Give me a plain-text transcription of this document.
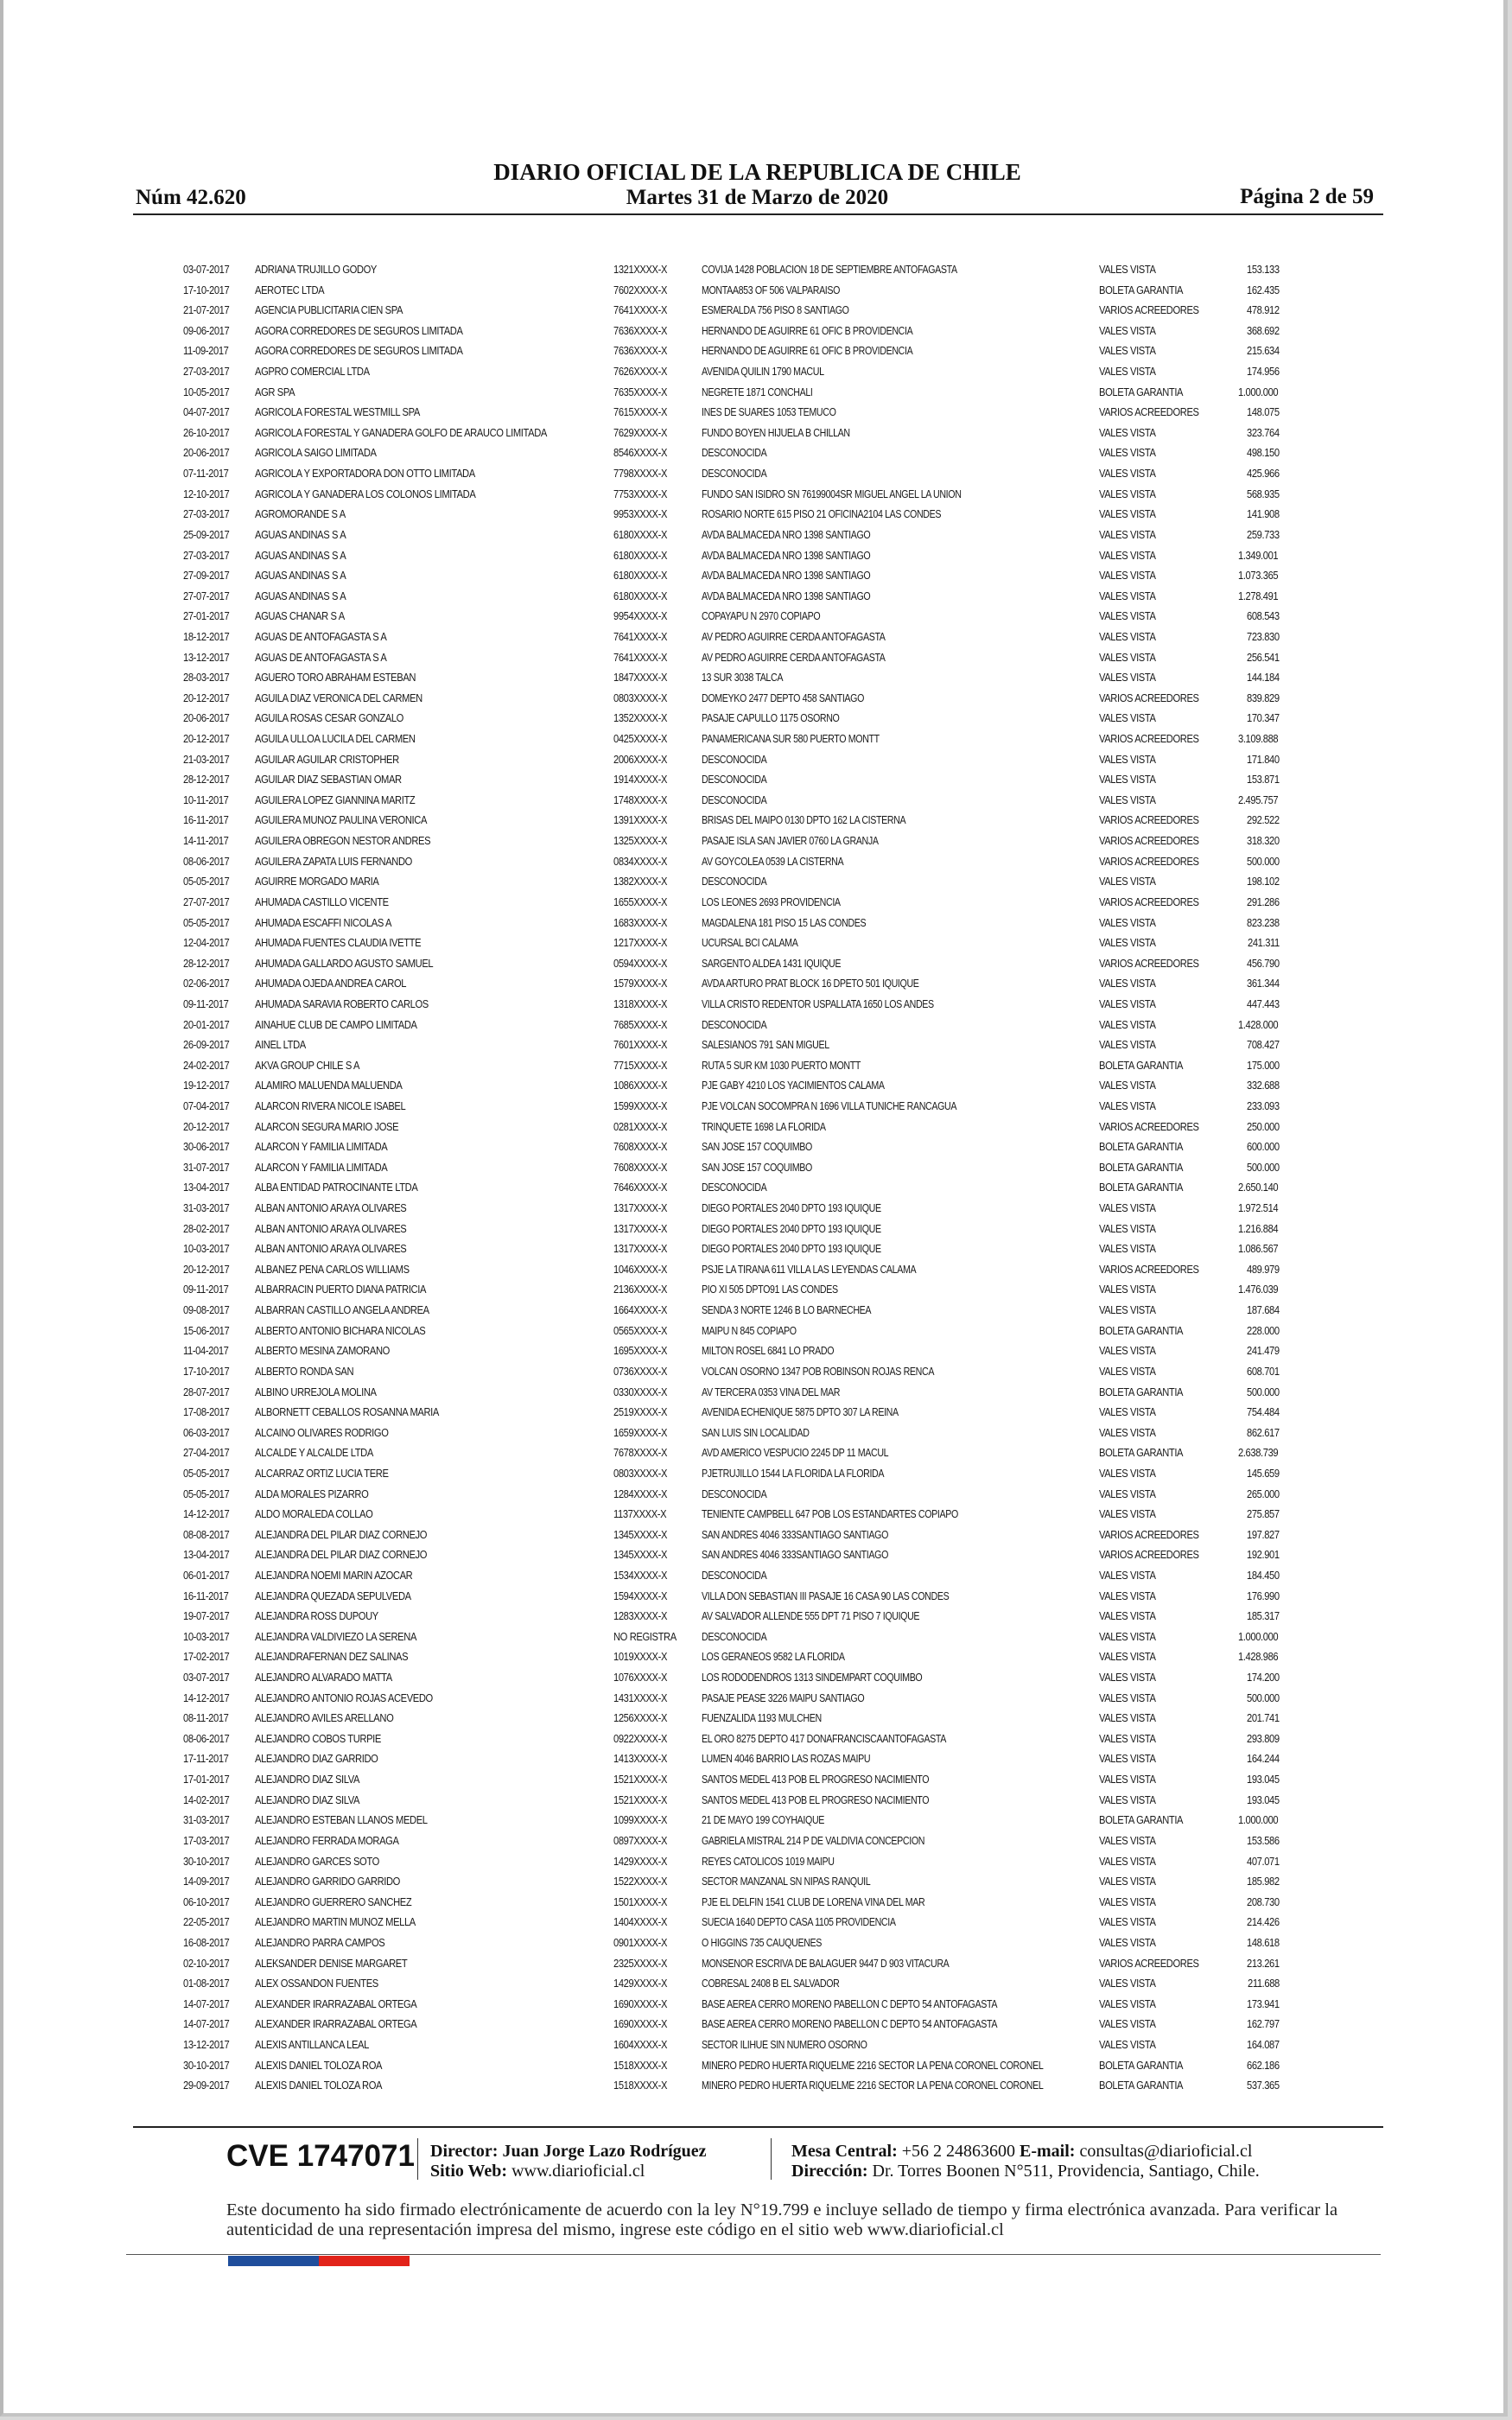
DIARIO OFICIAL DE LA REPUBLICA DE CHILE
Núm 42.620	Martes 31 de Marzo de 2020	Página 2 de 59
03-07-2017 ADRIANA TRUJILLO GODOY	1321XXXX-X	COVIJA 1428 POBLACION 18 DE SEPTIEMBRE ANTOFAGASTA	VALES VISTA	153.133
17-10-2017 AEROTEC LTDA	7602XXXX-X	MONTAA853 OF 506 VALPARAISO	BOLETA GARANTIA	162.435
21-07-2017 AGENCIA PUBLICITARIA CIEN SPA	7641XXXX-X	ESMERALDA 756 PISO 8 SANTIAGO	VARIOS ACREEDORES	478.912
09-06-2017 AGORA CORREDORES DE SEGUROS LIMITADA	7636XXXX-X	HERNANDO DE AGUIRRE 61 OFIC B PROVIDENCIA	VALES VISTA	368.692
11-09-2017 AGORA CORREDORES DE SEGUROS LIMITADA	7636XXXX-X	HERNANDO DE AGUIRRE 61 OFIC B PROVIDENCIA	VALES VISTA	215.634
27-03-2017 AGPRO COMERCIAL LTDA	7626XXXX-X	AVENIDA QUILIN 1790 MACUL	VALES VISTA	174.956
10-05-2017 AGR SPA	7635XXXX-X	NEGRETE 1871 CONCHALI	BOLETA GARANTIA	1.000.000
04-07-2017 AGRICOLA FORESTAL WESTMILL SPA	7615XXXX-X	INES DE SUARES 1053 TEMUCO	VARIOS ACREEDORES	148.075
26-10-2017 AGRICOLA FORESTAL Y GANADERA GOLFO DE ARAUCO LIMITADA	7629XXXX-X	FUNDO BOYEN HIJUELA B CHILLAN	VALES VISTA	323.764
20-06-2017 AGRICOLA SAIGO LIMITADA	8546XXXX-X	DESCONOCIDA	VALES VISTA	498.150
07-11-2017 AGRICOLA Y EXPORTADORA DON OTTO LIMITADA	7798XXXX-X	DESCONOCIDA	VALES VISTA	425.966
12-10-2017 AGRICOLA Y GANADERA LOS COLONOS LIMITADA	7753XXXX-X	FUNDO SAN ISIDRO SN 76199004SR MIGUEL ANGEL LA UNION	VALES VISTA	568.935
27-03-2017 AGROMORANDE S A	9953XXXX-X	ROSARIO NORTE 615 PISO 21 OFICINA2104 LAS CONDES	VALES VISTA	141.908
25-09-2017 AGUAS ANDINAS S A	6180XXXX-X	AVDA BALMACEDA NRO 1398 SANTIAGO	VALES VISTA	259.733
27-03-2017 AGUAS ANDINAS S A	6180XXXX-X	AVDA BALMACEDA NRO 1398 SANTIAGO	VALES VISTA	1.349.001
27-09-2017 AGUAS ANDINAS S A	6180XXXX-X	AVDA BALMACEDA NRO 1398 SANTIAGO	VALES VISTA	1.073.365
27-07-2017 AGUAS ANDINAS S A	6180XXXX-X	AVDA BALMACEDA NRO 1398 SANTIAGO	VALES VISTA	1.278.491
27-01-2017 AGUAS CHANAR S A	9954XXXX-X	COPAYAPU N 2970 COPIAPO	VALES VISTA	608.543
18-12-2017 AGUAS DE ANTOFAGASTA S A	7641XXXX-X	AV PEDRO AGUIRRE CERDA ANTOFAGASTA	VALES VISTA	723.830
13-12-2017 AGUAS DE ANTOFAGASTA S A	7641XXXX-X	AV PEDRO AGUIRRE CERDA ANTOFAGASTA	VALES VISTA	256.541
28-03-2017 AGUERO TORO ABRAHAM ESTEBAN	1847XXXX-X	13 SUR 3038 TALCA	VALES VISTA	144.184
20-12-2017 AGUILA DIAZ VERONICA DEL CARMEN	0803XXXX-X	DOMEYKO 2477 DEPTO 458 SANTIAGO	VARIOS ACREEDORES	839.829
20-06-2017 AGUILA ROSAS CESAR GONZALO	1352XXXX-X	PASAJE CAPULLO 1175 OSORNO	VALES VISTA	170.347
20-12-2017 AGUILA ULLOA LUCILA DEL CARMEN	0425XXXX-X	PANAMERICANA SUR 580 PUERTO MONTT	VARIOS ACREEDORES	3.109.888
21-03-2017 AGUILAR AGUILAR CRISTOPHER	2006XXXX-X	DESCONOCIDA	VALES VISTA	171.840
28-12-2017 AGUILAR DIAZ SEBASTIAN OMAR	1914XXXX-X	DESCONOCIDA	VALES VISTA	153.871
10-11-2017 AGUILERA LOPEZ GIANNINA MARITZ	1748XXXX-X	DESCONOCIDA	VALES VISTA	2.495.757
16-11-2017 AGUILERA MUNOZ PAULINA VERONICA	1391XXXX-X	BRISAS DEL MAIPO 0130 DPTO 162 LA CISTERNA	VARIOS ACREEDORES	292.522
14-11-2017 AGUILERA OBREGON NESTOR ANDRES	1325XXXX-X	PASAJE ISLA SAN JAVIER 0760 LA GRANJA	VARIOS ACREEDORES	318.320
08-06-2017 AGUILERA ZAPATA LUIS FERNANDO	0834XXXX-X	AV GOYCOLEA 0539 LA CISTERNA	VARIOS ACREEDORES	500.000
05-05-2017 AGUIRRE MORGADO MARIA	1382XXXX-X	DESCONOCIDA	VALES VISTA	198.102
27-07-2017 AHUMADA CASTILLO VICENTE	1655XXXX-X	LOS LEONES 2693 PROVIDENCIA	VARIOS ACREEDORES	291.286
05-05-2017 AHUMADA ESCAFFI NICOLAS A	1683XXXX-X	MAGDALENA 181 PISO 15 LAS CONDES	VALES VISTA	823.238
12-04-2017 AHUMADA FUENTES CLAUDIA IVETTE	1217XXXX-X	UCURSAL BCI CALAMA	VALES VISTA	241.311
28-12-2017 AHUMADA GALLARDO AGUSTO SAMUEL	0594XXXX-X	SARGENTO ALDEA 1431 IQUIQUE	VARIOS ACREEDORES	456.790
02-06-2017 AHUMADA OJEDA ANDREA CAROL	1579XXXX-X	AVDA ARTURO PRAT BLOCK 16 DPETO 501 IQUIQUE	VALES VISTA	361.344
09-11-2017 AHUMADA SARAVIA ROBERTO CARLOS	1318XXXX-X	VILLA CRISTO REDENTOR USPALLATA 1650 LOS ANDES	VALES VISTA	447.443
20-01-2017 AINAHUE CLUB DE CAMPO LIMITADA	7685XXXX-X	DESCONOCIDA	VALES VISTA	1.428.000
26-09-2017 AINEL LTDA	7601XXXX-X	SALESIANOS 791 SAN MIGUEL	VALES VISTA	708.427
24-02-2017 AKVA GROUP CHILE S A	7715XXXX-X	RUTA 5 SUR KM 1030 PUERTO MONTT	BOLETA GARANTIA	175.000
19-12-2017 ALAMIRO MALUENDA MALUENDA	1086XXXX-X	PJE GABY 4210 LOS YACIMIENTOS CALAMA	VALES VISTA	332.688
07-04-2017 ALARCON RIVERA NICOLE ISABEL	1599XXXX-X	PJE VOLCAN SOCOMPRA N 1696 VILLA TUNICHE RANCAGUA	VALES VISTA	233.093
20-12-2017 ALARCON SEGURA MARIO JOSE	0281XXXX-X	TRINQUETE 1698 LA FLORIDA	VARIOS ACREEDORES	250.000
30-06-2017 ALARCON Y FAMILIA LIMITADA	7608XXXX-X	SAN JOSE 157 COQUIMBO	BOLETA GARANTIA	600.000
31-07-2017 ALARCON Y FAMILIA LIMITADA	7608XXXX-X	SAN JOSE 157 COQUIMBO	BOLETA GARANTIA	500.000
13-04-2017 ALBA ENTIDAD PATROCINANTE LTDA	7646XXXX-X	DESCONOCIDA	BOLETA GARANTIA	2.650.140
31-03-2017 ALBAN ANTONIO ARAYA OLIVARES	1317XXXX-X	DIEGO PORTALES 2040 DPTO 193 IQUIQUE	VALES VISTA	1.972.514
28-02-2017 ALBAN ANTONIO ARAYA OLIVARES	1317XXXX-X	DIEGO PORTALES 2040 DPTO 193 IQUIQUE	VALES VISTA	1.216.884
10-03-2017 ALBAN ANTONIO ARAYA OLIVARES	1317XXXX-X	DIEGO PORTALES 2040 DPTO 193 IQUIQUE	VALES VISTA	1.086.567
20-12-2017 ALBANEZ PENA CARLOS WILLIAMS	1046XXXX-X	PSJE LA TIRANA 611 VILLA LAS LEYENDAS CALAMA	VARIOS ACREEDORES	489.979
09-11-2017 ALBARRACIN PUERTO DIANA PATRICIA	2136XXXX-X	PIO XI 505 DPTO91 LAS CONDES	VALES VISTA	1.476.039
09-08-2017 ALBARRAN CASTILLO ANGELA ANDREA	1664XXXX-X	SENDA 3 NORTE 1246 B LO BARNECHEA	VALES VISTA	187.684
15-06-2017 ALBERTO ANTONIO BICHARA NICOLAS	0565XXXX-X	MAIPU N 845 COPIAPO	BOLETA GARANTIA	228.000
11-04-2017 ALBERTO MESINA ZAMORANO	1695XXXX-X	MILTON ROSEL 6841 LO PRADO	VALES VISTA	241.479
17-10-2017 ALBERTO RONDA SAN	0736XXXX-X	VOLCAN OSORNO 1347 POB ROBINSON ROJAS RENCA	VALES VISTA	608.701
28-07-2017 ALBINO URREJOLA MOLINA	0330XXXX-X	AV TERCERA 0353 VINA DEL MAR	BOLETA GARANTIA	500.000
17-08-2017 ALBORNETT CEBALLOS ROSANNA MARIA	2519XXXX-X	AVENIDA ECHENIQUE 5875 DPTO 307 LA REINA	VALES VISTA	754.484
06-03-2017 ALCAINO OLIVARES RODRIGO	1659XXXX-X	SAN LUIS SIN LOCALIDAD	VALES VISTA	862.617
27-04-2017 ALCALDE Y ALCALDE LTDA	7678XXXX-X	AVD AMERICO VESPUCIO 2245 DP 11 MACUL	BOLETA GARANTIA	2.638.739
05-05-2017 ALCARRAZ ORTIZ LUCIA TERE	0803XXXX-X	PJETRUJILLO 1544 LA FLORIDA LA FLORIDA	VALES VISTA	145.659
05-05-2017 ALDA MORALES PIZARRO	1284XXXX-X	DESCONOCIDA	VALES VISTA	265.000
14-12-2017 ALDO MORALEDA COLLAO	1137XXXX-X	TENIENTE CAMPBELL 647 POB LOS ESTANDARTES COPIAPO	VALES VISTA	275.857
08-08-2017 ALEJANDRA DEL PILAR DIAZ CORNEJO	1345XXXX-X	SAN ANDRES 4046 333SANTIAGO SANTIAGO	VARIOS ACREEDORES	197.827
13-04-2017 ALEJANDRA DEL PILAR DIAZ CORNEJO	1345XXXX-X	SAN ANDRES 4046 333SANTIAGO SANTIAGO	VARIOS ACREEDORES	192.901
06-01-2017 ALEJANDRA NOEMI MARIN AZOCAR	1534XXXX-X	DESCONOCIDA	VALES VISTA	184.450
16-11-2017 ALEJANDRA QUEZADA SEPULVEDA	1594XXXX-X	VILLA DON SEBASTIAN III PASAJE 16 CASA 90 LAS CONDES	VALES VISTA	176.990
19-07-2017 ALEJANDRA ROSS DUPOUY	1283XXXX-X	AV SALVADOR ALLENDE 555 DPT 71 PISO 7 IQUIQUE	VALES VISTA	185.317
10-03-2017 ALEJANDRA VALDIVIEZO LA SERENA	NO REGISTRA DESCONOCIDA	VALES VISTA	1.000.000
17-02-2017 ALEJANDRAFERNAN DEZ SALINAS	1019XXXX-X	LOS GERANEOS 9582 LA FLORIDA	VALES VISTA	1.428.986
03-07-2017 ALEJANDRO ALVARADO MATTA	1076XXXX-X	LOS RODODENDROS 1313 SINDEMPART COQUIMBO	VALES VISTA	174.200
14-12-2017 ALEJANDRO ANTONIO ROJAS ACEVEDO	1431XXXX-X	PASAJE PEASE 3226 MAIPU SANTIAGO	VALES VISTA	500.000
08-11-2017 ALEJANDRO AVILES ARELLANO	1256XXXX-X	FUENZALIDA 1193 MULCHEN	VALES VISTA	201.741
08-06-2017 ALEJANDRO COBOS TURPIE	0922XXXX-X	EL ORO 8275 DEPTO 417 DONAFRANCISCAANTOFAGASTA	VALES VISTA	293.809
17-11-2017 ALEJANDRO DIAZ GARRIDO	1413XXXX-X	LUMEN 4046 BARRIO LAS ROZAS MAIPU	VALES VISTA	164.244
17-01-2017 ALEJANDRO DIAZ SILVA	1521XXXX-X	SANTOS MEDEL 413 POB EL PROGRESO NACIMIENTO	VALES VISTA	193.045
14-02-2017 ALEJANDRO DIAZ SILVA	1521XXXX-X	SANTOS MEDEL 413 POB EL PROGRESO NACIMIENTO	VALES VISTA	193.045
31-03-2017 ALEJANDRO ESTEBAN LLANOS MEDEL	1099XXXX-X	21 DE MAYO 199 COYHAIQUE	BOLETA GARANTIA	1.000.000
17-03-2017 ALEJANDRO FERRADA MORAGA	0897XXXX-X	GABRIELA MISTRAL 214 P DE VALDIVIA CONCEPCION	VALES VISTA	153.586
30-10-2017 ALEJANDRO GARCES SOTO	1429XXXX-X	REYES CATOLICOS 1019 MAIPU	VALES VISTA	407.071
14-09-2017 ALEJANDRO GARRIDO GARRIDO	1522XXXX-X	SECTOR MANZANAL SN NIPAS RANQUIL	VALES VISTA	185.982
06-10-2017 ALEJANDRO GUERRERO SANCHEZ	1501XXXX-X	PJE EL DELFIN 1541 CLUB DE LORENA VINA DEL MAR	VALES VISTA	208.730
22-05-2017 ALEJANDRO MARTIN MUNOZ MELLA	1404XXXX-X	SUECIA 1640 DEPTO CASA 1105 PROVIDENCIA	VALES VISTA	214.426
16-08-2017 ALEJANDRO PARRA CAMPOS	0901XXXX-X	O HIGGINS 735 CAUQUENES	VALES VISTA	148.618
02-10-2017 ALEKSANDER DENISE MARGARET	2325XXXX-X	MONSENOR ESCRIVA DE BALAGUER 9447 D 903 VITACURA	VARIOS ACREEDORES	213.261
01-08-2017 ALEX OSSANDON FUENTES	1429XXXX-X	COBRESAL 2408 B EL SALVADOR	VALES VISTA	211.688
14-07-2017 ALEXANDER IRARRAZABAL ORTEGA	1690XXXX-X	BASE AEREA CERRO MORENO PABELLON C DEPTO 54 ANTOFAGASTA	VALES VISTA	173.941
14-07-2017 ALEXANDER IRARRAZABAL ORTEGA	1690XXXX-X	BASE AEREA CERRO MORENO PABELLON C DEPTO 54 ANTOFAGASTA	VALES VISTA	162.797
13-12-2017 ALEXIS ANTILLANCA LEAL	1604XXXX-X	SECTOR ILIHUE SIN NUMERO OSORNO	VALES VISTA	164.087
30-10-2017 ALEXIS DANIEL TOLOZA ROA	1518XXXX-X	MINERO PEDRO HUERTA RIQUELME 2216 SECTOR LA PENA CORONEL CORONEL	BOLETA GARANTIA	662.186
29-09-2017 ALEXIS DANIEL TOLOZA ROA	1518XXXX-X	MINERO PEDRO HUERTA RIQUELME 2216 SECTOR LA PENA CORONEL CORONEL	BOLETA GARANTIA	537.365
CVE 1747071 Director: Juan Jorge Lazo Rodríguez
Sitio Web: www.diarioficial.cl
Mesa Central: +56 2 24863600 E-mail: consultas@diarioficial.cl
Dirección: Dr. Torres Boonen N°511, Providencia, Santiago, Chile.
Este documento ha sido firmado electrónicamente de acuerdo con la ley N°19.799 e incluye sellado de tiempo y firma electrónica avanzada. Para verificar la autenticidad de una representación impresa del mismo, ingrese este código en el sitio web www.diarioficial.cl
